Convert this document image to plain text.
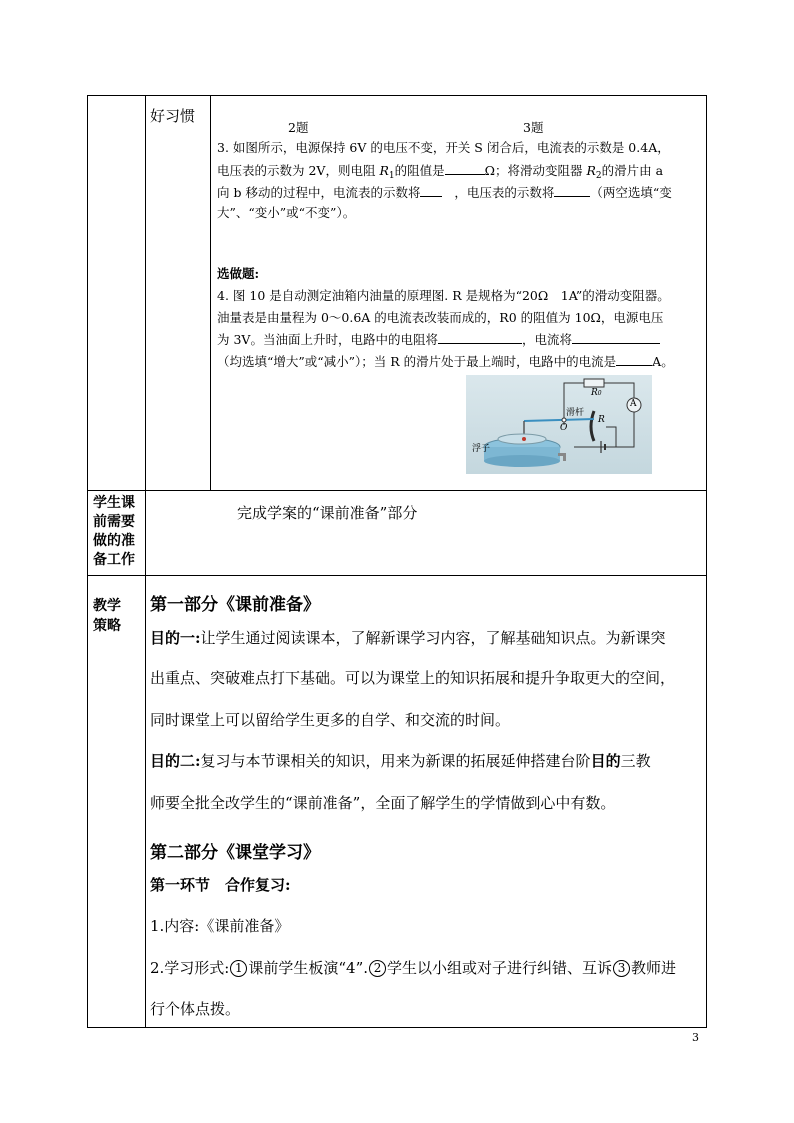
好习惯
2题	3题
3. 如图所示，电源保持 6V 的电压不变，开关 S 闭合后，电流表的示数是 0.4A，
电压表的示数为 2V，则电阻 $R_1$的阻值是	Ω；将滑动变阻器 $R_2$的滑片由 a
向 b 移动的过程中，电流表的示数将	，电压表的示数将	（两空选填“变
大”、“变小”或“不变”）。
选做题:
4. 图 10 是自动测定油箱内油量的原理图. R 是规格为“20Ω　1A”的滑动变阻器。
油量表是由量程为 0～0.6A 的电流表改装而成的，R0 的阻值为 10Ω，电源电压
为 3V。当油面上升时，电路中的电阻将	，电流将
（均选填“增大”或“减小”）；当 R 的滑片处于最上端时，电路中的电流是	A。
R0
A
滑杆
R
O
浮子
学生课
前需要
做的准
备工作
完成学案的“课前准备”部分
教学
策略
第一部分《课前准备》
目的一:让学生通过阅读课本，了解新课学习内容，了解基础知识点。为新课突
出重点、突破难点打下基础。可以为课堂上的知识拓展和提升争取更大的空间，
同时课堂上可以留给学生更多的自学、和交流的时间。
目的二:复习与本节课相关的知识，用来为新课的拓展延伸搭建台阶目的三教
师要全批全改学生的“课前准备”，全面了解学生的学情做到心中有数。
第二部分《课堂学习》
第一环节　合作复习:
1.内容:《课前准备》
2.学习形式: 1 课前学生板演“4”. 2 学生以小组或对子进行纠错、互诉 3 教师进
行个体点拨。
3
